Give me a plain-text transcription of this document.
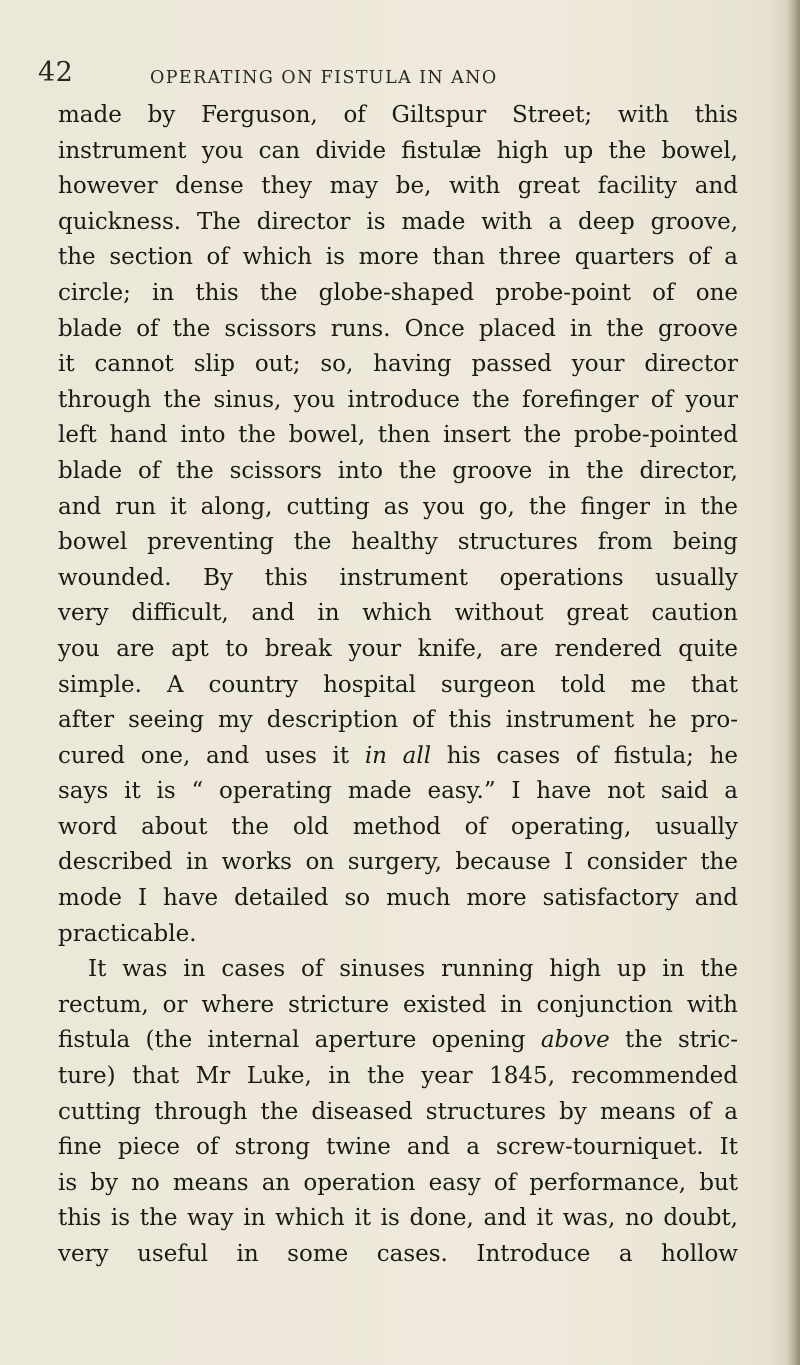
42	OPERATING ON FISTULA IN ANO
made by Ferguson, of Giltspur Street; with this
instrument you can divide fistulæ high up the bowel,
however dense they may be, with great facility and
quickness. The director is made with a deep groove,
the section of which is more than three quarters of a
circle; in this the globe-shaped probe-point of one
blade of the scissors runs. Once placed in the groove
it cannot slip out; so, having passed your director
through the sinus, you introduce the forefinger of your
left hand into the bowel, then insert the probe-pointed
blade of the scissors into the groove in the director,
and run it along, cutting as you go, the finger in the
bowel preventing the healthy structures from being
wounded. By this instrument operations usually
very difficult, and in which without great caution
you are apt to break your knife, are rendered quite
simple. A country hospital surgeon told me that
after seeing my description of this instrument he pro-
cured one, and uses it in all his cases of fistula; he
says it is “ operating made easy.” I have not said a
word about the old method of operating, usually
described in works on surgery, because I consider the
mode I have detailed so much more satisfactory and
practicable.
It was in cases of sinuses running high up in the
rectum, or where stricture existed in conjunction with
fistula (the internal aperture opening above the stric-
ture) that Mr Luke, in the year 1845, recommended
cutting through the diseased structures by means of a
fine piece of strong twine and a screw-tourniquet. It
is by no means an operation easy of performance, but
this is the way in which it is done, and it was, no doubt,
very useful in some cases. Introduce a hollow
